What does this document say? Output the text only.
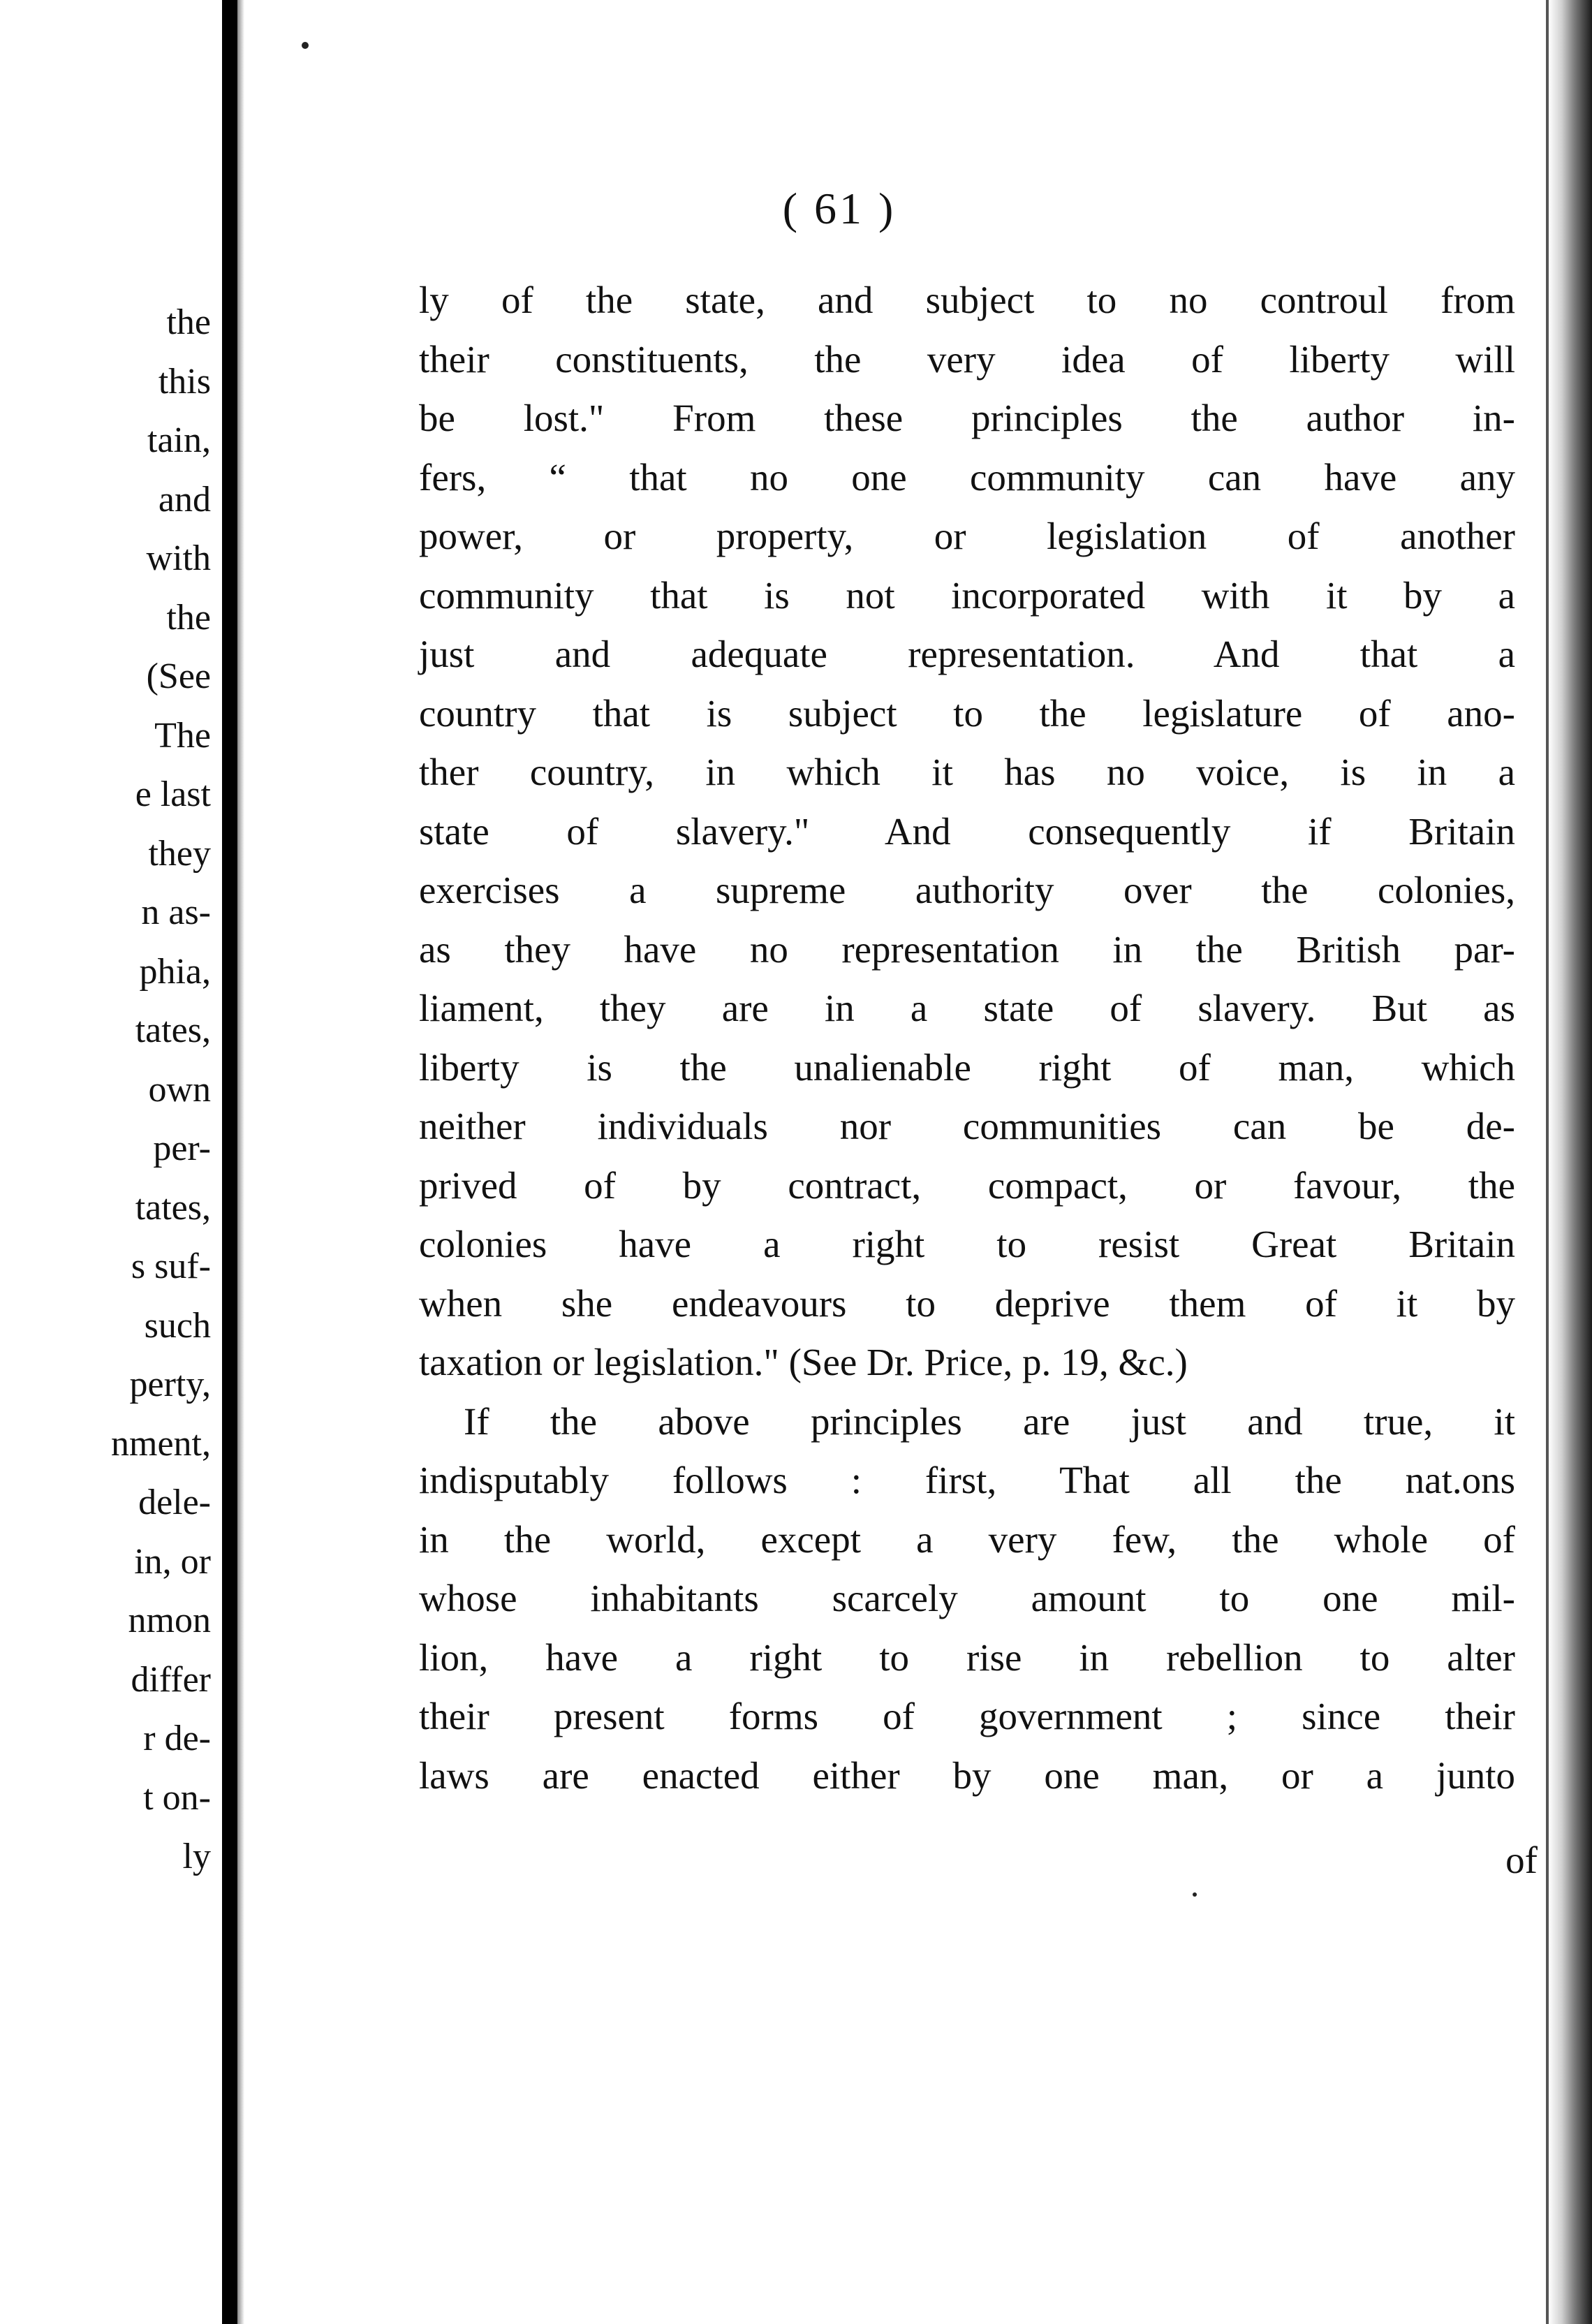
the
this
tain,
and
with
the
(See
The
e last
they
n as-
phia,
tates,
own
per-
tates,
s suf-
such
perty,
nment,
dele-
in, or
nmon
differ
r de-
t on-
ly
( 61 )
ly of the state, and subject to no controul from
their constituents, the very idea of liberty will
be lost." From these principles the author in-
fers, “ that no one community can have any
power, or property, or legislation of another
community that is not incorporated with it by a
just and adequate representation. And that a
country that is subject to the legislature of ano-
ther country, in which it has no voice, is in a
state of slavery." And consequently if Britain
exercises a supreme authority over the colonies,
as they have no representation in the British par-
liament, they are in a state of slavery. But as
liberty is the unalienable right of man, which
neither individuals nor communities can be de-
prived of by contract, compact, or favour, the
colonies have a right to resist Great Britain
when she endeavours to deprive them of it by
taxation or legislation." (See Dr. Price, p. 19, &c.)
If the above principles are just and true, it
indisputably follows : first, That all the nat.ons
in the world, except a very few, the whole of
whose inhabitants scarcely amount to one mil-
lion, have a right to rise in rebellion to alter
their present forms of government ; since their
laws are enacted either by one man, or a junto
of
